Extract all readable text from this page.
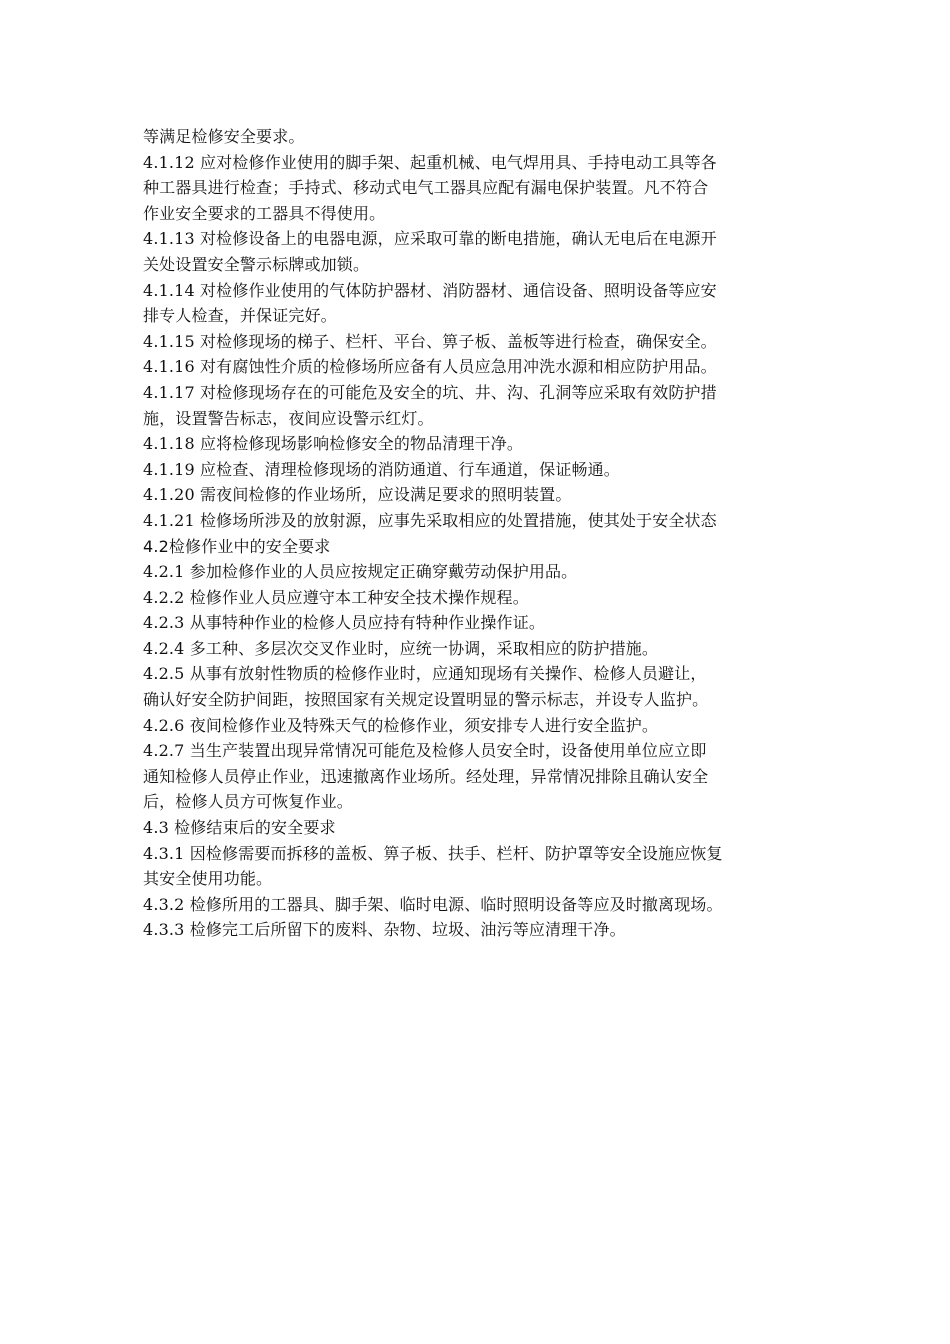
等满足检修安全要求。
4.1.12 应对检修作业使用的脚手架、起重机械、电气焊用具、手持电动工具等各
种工器具进行检查；手持式、移动式电气工器具应配有漏电保护装置。凡不符合
作业安全要求的工器具不得使用。
4.1.13 对检修设备上的电器电源，应采取可靠的断电措施，确认无电后在电源开
关处设置安全警示标牌或加锁。
4.1.14 对检修作业使用的气体防护器材、消防器材、通信设备、照明设备等应安
排专人检查，并保证完好。
4.1.15 对检修现场的梯子、栏杆、平台、箅子板、盖板等进行检查，确保安全。
4.1.16 对有腐蚀性介质的检修场所应备有人员应急用冲洗水源和相应防护用品。
4.1.17 对检修现场存在的可能危及安全的坑、井、沟、孔洞等应采取有效防护措
施，设置警告标志，夜间应设警示红灯。
4.1.18 应将检修现场影响检修安全的物品清理干净。
4.1.19 应检查、清理检修现场的消防通道、行车通道，保证畅通。
4.1.20 需夜间检修的作业场所，应设满足要求的照明装置。
4.1.21 检修场所涉及的放射源，应事先采取相应的处置措施，使其处于安全状态
4.2检修作业中的安全要求
4.2.1 参加检修作业的人员应按规定正确穿戴劳动保护用品。
4.2.2 检修作业人员应遵守本工种安全技术操作规程。
4.2.3 从事特种作业的检修人员应持有特种作业操作证。
4.2.4 多工种、多层次交叉作业时，应统一协调，采取相应的防护措施。
4.2.5 从事有放射性物质的检修作业时，应通知现场有关操作、检修人员避让，
确认好安全防护间距，按照国家有关规定设置明显的警示标志，并设专人监护。
4.2.6 夜间检修作业及特殊天气的检修作业，须安排专人进行安全监护。
4.2.7 当生产装置出现异常情况可能危及检修人员安全时，设备使用单位应立即
通知检修人员停止作业，迅速撤离作业场所。经处理，异常情况排除且确认安全
后，检修人员方可恢复作业。
4.3 检修结束后的安全要求
4.3.1 因检修需要而拆移的盖板、箅子板、扶手、栏杆、防护罩等安全设施应恢复
其安全使用功能。
4.3.2 检修所用的工器具、脚手架、临时电源、临时照明设备等应及时撤离现场。
4.3.3 检修完工后所留下的废料、杂物、垃圾、油污等应清理干净。
